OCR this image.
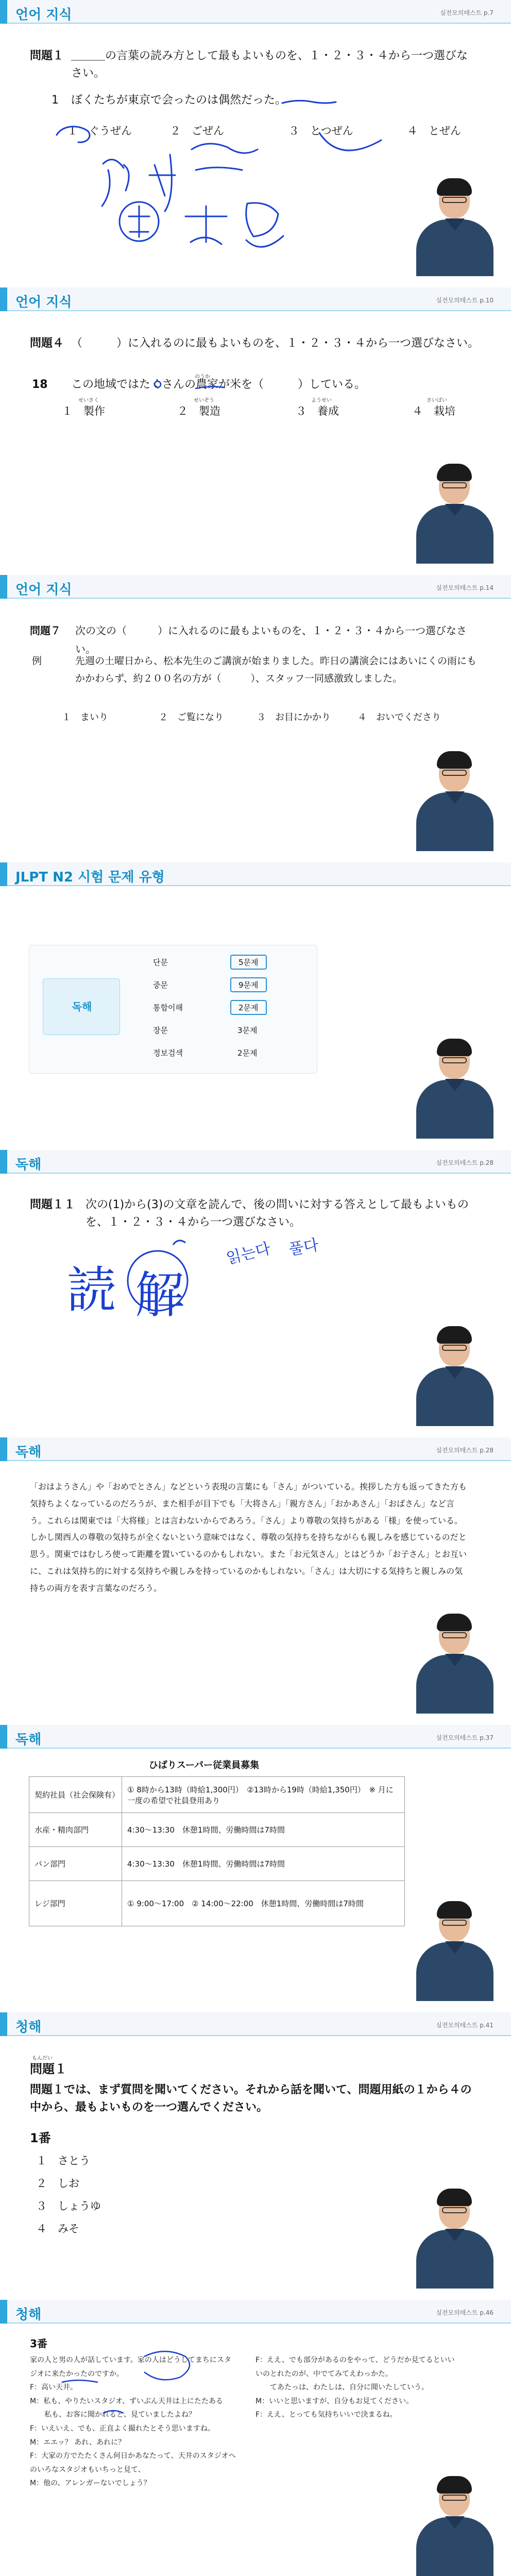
언어 지식	실전모의테스트 p.7
問題１ ＿＿＿の言葉の読み方として最もよいものを、１・２・３・４から一つ選びなさい。
1 ぼくたちが東京で会ったのは偶然だった。
１　ぐうぜん	２　ごぜん	３　とつぜん	４　とぜん
언어 지식	실전모의테스트 p.10
問題４ （　　　）に入れるのに最もよいものを、１・２・３・４から一つ選びなさい。
18
のうか
この地域ではたくさんの農家が米を（　　　）している。
せいさく	せいぞう	ようせい	さいばい
１　製作	２　製造	３　養成	４　栽培
언어 지식	실전모의테스트 p.14
問題７ 次の文の（　　　）に入れるのに最もよいものを、１・２・３・４から一つ選びなさい。
例	先週の土曜日から、松本先生のご講演が始まりました。昨日の講演会にはあいにくの雨にもかかわらず、約２００名の方が（　　　）、スタッフ一同感激致しました。
１　まいり	２　ご覧になり	３　お目にかかり	４　おいでくださり
JLPT N2 시험 문제 유형
독해
단문	5문제
중문	9문제
통합이해	2문제
장문	3문제
정보검색	2문제
독해	실전모의테스트 p.28
問題１１ 次の(1)から(3)の文章を読んで、後の問いに対する答えとして最もよいものを、１・２・３・４から一つ選びなさい。
読 解
읽는다 풀다
독해	실전모의테스트 p.28
「おはようさん」や「おめでとさん」などという表現の言葉にも「さん」がついている。挨拶した方も返ってきた方も気持ちよくなっているのだろうが、また相手が目下でも「大将さん」「親方さん」「おかあさん」「おばさん」など言う。これらは関東では「大将様」とは言わないからであろう。「さん」より尊敬の気持ちがある「様」を使っている。しかし関西人の尊敬の気持ちが全くないという意味ではなく、尊敬の気持ちを持ちながらも親しみを感じているのだと思う。関東ではむしろ使って距離を置いているのかもしれない。また「お元気さん」とはどうか「お子さん」とお互いに、これは気持ち的に対する気持ちや親しみを持っているのかもしれない。「さん」は大切にする気持ちと親しみの気持ちの両方を表す言葉なのだろう。
독해	실전모의테스트 p.37
ひばりスーパー従業員募集
契約社員（社会保険有）	① 8時から13時（時給1,300円）　②13時から19時（時給1,350円）　※ 月に一度の希望で社員登用あり
水産・精肉部門	4:30〜13:30　休憩1時間、労働時間は7時間
パン部門	4:30〜13:30　休憩1時間、労働時間は7時間
レジ部門	① 9:00〜17:00　② 14:00〜22:00　休憩1時間、労働時間は7時間
청해	실전모의테스트 p.41
もんだい
問題１
問題１では、まず質問を聞いてください。それから話を聞いて、問題用紙の１から４の中から、最もよいものを一つ選んでください。
1番
１　さとう
２　しお
３　しょうゆ
４　みそ
청해	실전모의테스트 p.46
3番
家の人と男の人が話しています。家の人はどうしてまちにスタジオに来たかったのですか。
F：高い天井。
M：私も、やりたいスタジオ、ずいぶん天井は上にたたある
　　私も、お客に聞かれると、見ていましたよね？
F：いえいえ、でも、正直よく撮れたとそう思いますね。
M：エエッ？ あれ、あれに？
F：大家の方でたたくさん何日かあなたって、天井のスタジオへのいろなスタジオもいちっと見て、
M：他の、アレンガーないでしょう？
F：ええ、でも部分があるのをやって、どうだか見てるといいいのとれたのが、中でてみてえわっかた。
　　てあたっは、わたしは、自分に聞いたしていう。
M：いいと思いますが、自分もお見てください。
F：ええ、とっても気持ちいいで決まるね。
